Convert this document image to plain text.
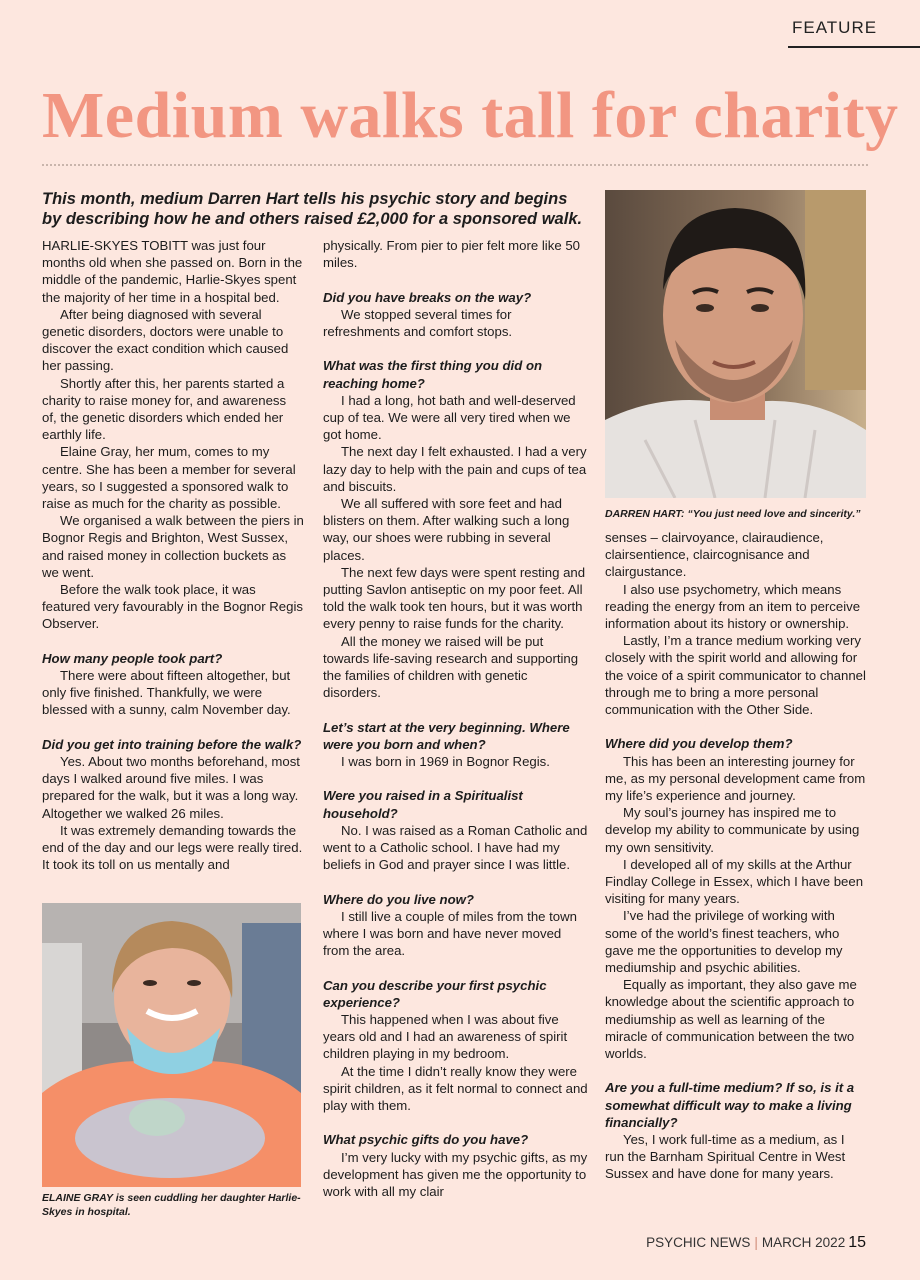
FEATURE
Medium walks tall for charity

This month, medium Darren Hart tells his psychic story and begins by describing how he and others raised £2,000 for a sponsored walk.

HARLIE-SKYES TOBITT was just four months old when she passed on. Born in the middle of the pandemic, Harlie-Skyes spent the majority of her time in a hospital bed.

After being diagnosed with several genetic disorders, doctors were unable to discover the exact condition which caused her passing.

Shortly after this, her parents started a charity to raise money for, and awareness of, the genetic disorders which ended her earthly life.

Elaine Gray, her mum, comes to my centre. She has been a member for several years, so I suggested a sponsored walk to raise as much for the charity as possible.

We organised a walk between the piers in Bognor Regis and Brighton, West Sussex, and raised money in collection buckets as we went.

Before the walk took place, it was featured very favourably in the Bognor Regis Observer.

How many people took part?

There were about fifteen altogether, but only five finished. Thankfully, we were blessed with a sunny, calm November day.

Did you get into training before the walk?

Yes. About two months beforehand, most days I walked around five miles. I was prepared for the walk, but it was a long way. Altogether we walked 26 miles.

It was extremely demanding towards the end of the day and our legs were really tired. It took its toll on us mentally and

physically. From pier to pier felt more like 50 miles.

Did you have breaks on the way?

We stopped several times for refreshments and comfort stops.

What was the first thing you did on reaching home?

I had a long, hot bath and well-deserved cup of tea. We were all very tired when we got home.

The next day I felt exhausted. I had a very lazy day to help with the pain and cups of tea and biscuits.

We all suffered with sore feet and had blisters on them. After walking such a long way, our shoes were rubbing in several places.

The next few days were spent resting and putting Savlon antiseptic on my poor feet. All told the walk took ten hours, but it was worth every penny to raise funds for the charity.

All the money we raised will be put towards life-saving research and supporting the families of children with genetic disorders.

Let’s start at the very beginning. Where were you born and when?

I was born in 1969 in Bognor Regis.

Were you raised in a Spiritualist household?

No. I was raised as a Roman Catholic and went to a Catholic school. I have had my beliefs in God and prayer since I was little.

Where do you live now?

I still live a couple of miles from the town where I was born and have never moved from the area.

Can you describe your first psychic experience?

This happened when I was about five years old and I had an awareness of spirit children playing in my bedroom.

At the time I didn’t really know they were spirit children, as it felt normal to connect and play with them.

What psychic gifts do you have?

I’m very lucky with my psychic gifts, as my development has given me the opportunity to work with all my clair

senses – clairvoyance, clairaudience, clairsentience, claircognisance and clairgustance.

I also use psychometry, which means reading the energy from an item to perceive information about its history or ownership.

Lastly, I’m a trance medium working very closely with the spirit world and allowing for the voice of a spirit communicator to channel through me to bring a more personal communication with the Other Side.

Where did you develop them?

This has been an interesting journey for me, as my personal development came from my life’s experience and journey.

My soul’s journey has inspired me to develop my ability to communicate by using my own sensitivity.

I developed all of my skills at the Arthur Findlay College in Essex, which I have been visiting for many years.

I’ve had the privilege of working with some of the world’s finest teachers, who gave me the opportunities to develop my mediumship and psychic abilities.

Equally as important, they also gave me knowledge about the scientific approach to mediumship as well as learning of the miracle of communication between the two worlds.

Are you a full-time medium? If so, is it a somewhat difficult way to make a living financially?

Yes, I work full-time as a medium, as I run the Barnham Spiritual Centre in West Sussex and have done for many years.

DARREN HART: “You just need love and sincerity.”

ELAINE GRAY is seen cuddling her daughter Harlie-Skyes in hospital.

PSYCHIC NEWS | MARCH 2022 15
